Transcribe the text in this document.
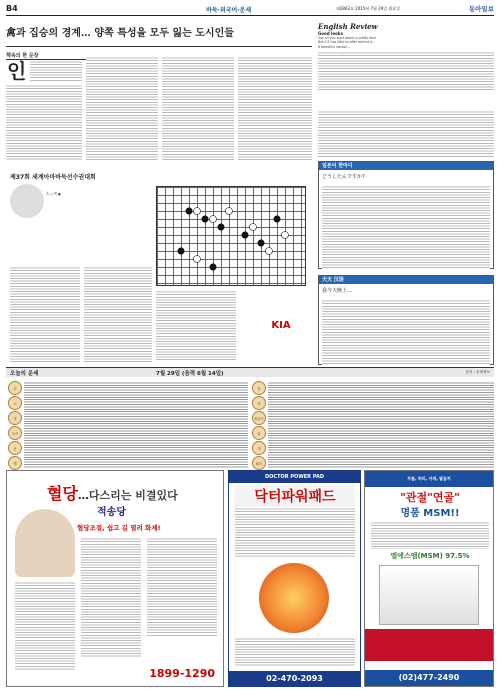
B4	바둑·외국어·운세	제2863호 2015년 7월 29일 월요일	동아일보
禽과 집승의 경계… 양쪽 특성을 모두 잃는 도시인들
책속의 한 문장
인
English Review
Good looks
Say all you want about a pretty face.
But if it has little to offer behind it...
A beautiful person...
제37회 세계아마바둑선수권대회
흑 ○ 백 ●
KIA
일본어 한마디
どうしたんですか?
天天 汉语
我今天晚上...
오늘의 운세	7월 29일 (음력 6월 14일)	문의 : 운세정보
쥐
소
범
토끼
용
뱀
말
양
원숭이
닭
개
돼지
혈당…다스리는 비결있다
적송당
혈당조절, 쉽고 길 열려 화제!
1899-1290
DOCTOR POWER PAD
닥터파워패드
02-470-2093
무릎, 허리, 어깨, 팔꿈치
"관절"연골"
명품 MSM!!
엘에스엠(MSM) 97.5%
(02)477-2490
